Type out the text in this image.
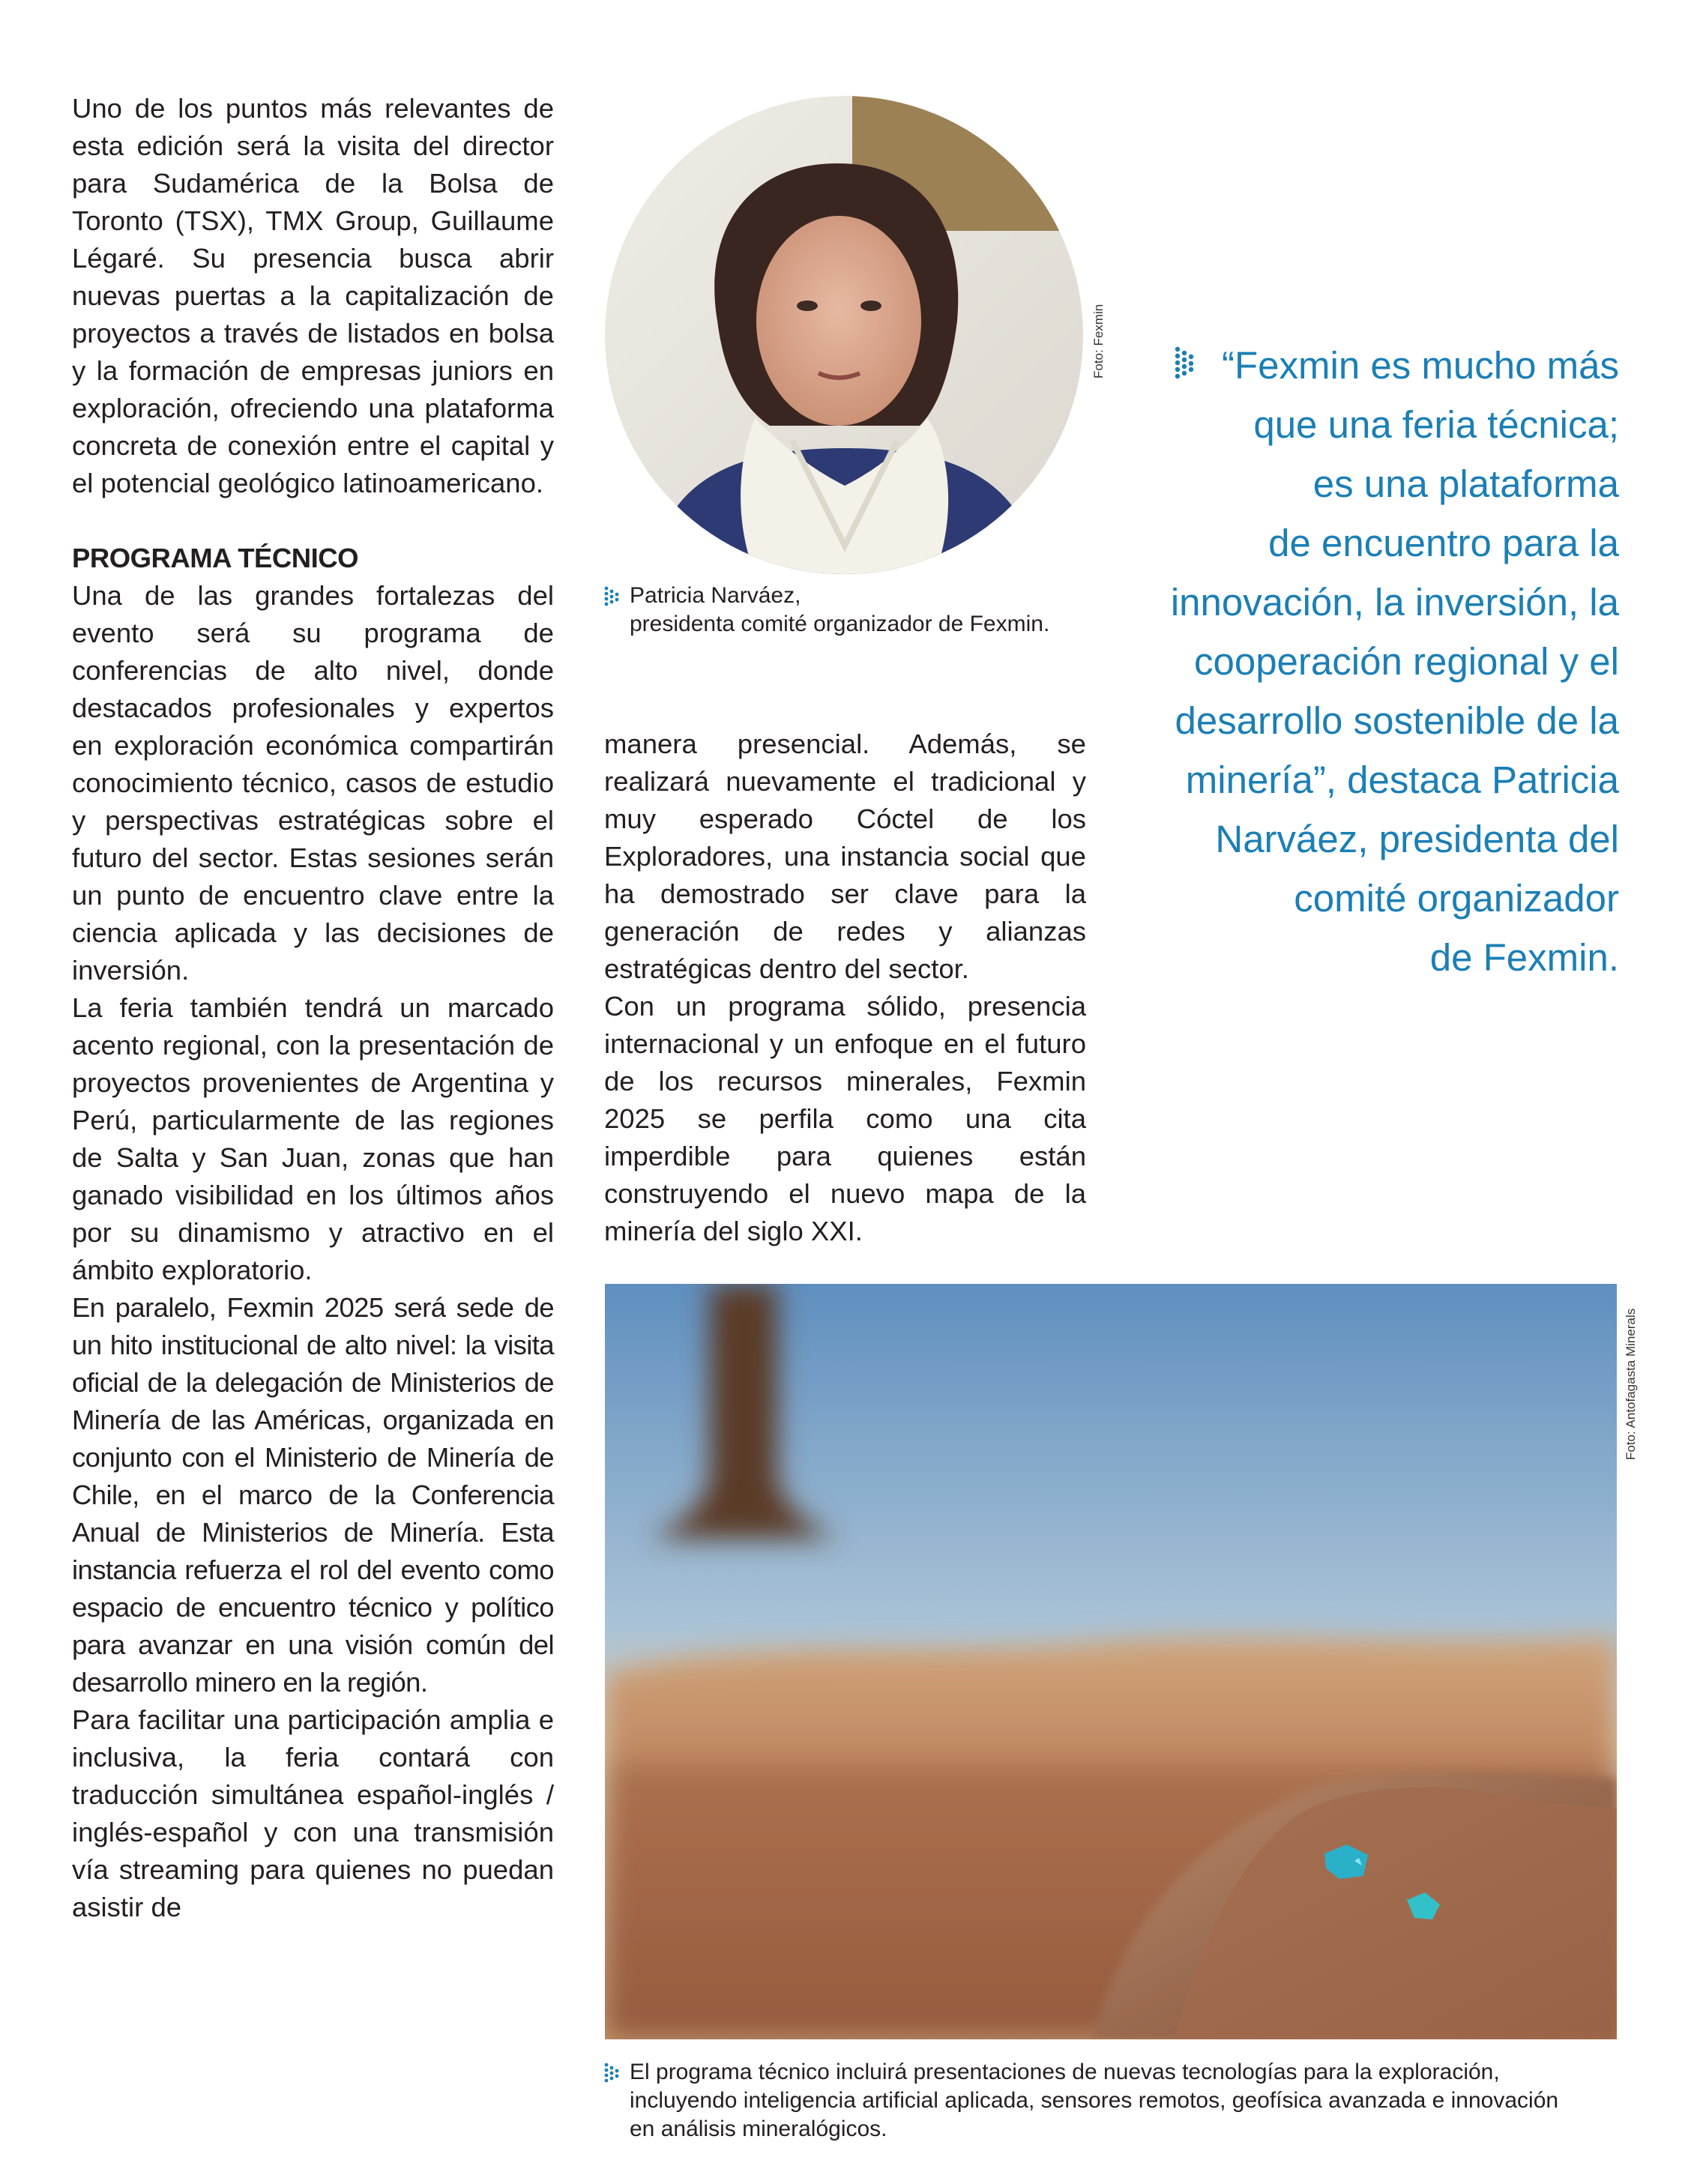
Uno de los puntos más relevantes de esta edición será la visita del director para Sudamérica de la Bolsa de Toronto (TSX), TMX Group, Guillaume Légaré. Su presencia busca abrir nuevas puertas a la capitalización de proyectos a través de listados en bolsa y la formación de empresas juniors en exploración, ofreciendo una plataforma concreta de conexión entre el capital y el potencial geológico latinoamericano.

PROGRAMA TÉCNICO

Una de las grandes fortalezas del evento será su programa de conferencias de alto nivel, donde destacados profesionales y expertos en exploración económica compartirán conocimiento técnico, casos de estudio y perspectivas estratégicas sobre el futuro del sector. Estas sesiones serán un punto de encuentro clave entre la ciencia aplicada y las decisiones de inversión.

La feria también tendrá un marcado acento regional, con la presentación de proyectos provenientes de Argentina y Perú, particularmente de las regiones de Salta y San Juan, zonas que han ganado visibilidad en los últimos años por su dinamismo y atractivo en el ámbito exploratorio.

En paralelo, Fexmin 2025 será sede de un hito institucional de alto nivel: la visita oficial de la delegación de Ministerios de Minería de las Américas, organizada en conjunto con el Ministerio de Minería de Chile, en el marco de la Conferencia Anual de Ministerios de Minería. Esta instancia refuerza el rol del evento como espacio de encuentro técnico y político para avanzar en una visión común del desarrollo minero en la región.

Para facilitar una participación amplia e inclusiva, la feria contará con traducción simultánea español-inglés / inglés-español y con una transmisión vía streaming para quienes no puedan asistir de

Foto: Fexmin
Patricia Narváez,
presidenta comité organizador de Fexmin.

manera presencial. Además, se realizará nuevamente el tradicional y muy esperado Cóctel de los Exploradores, una instancia social que ha demostrado ser clave para la generación de redes y alianzas estratégicas dentro del sector.

Con un programa sólido, presencia internacional y un enfoque en el futuro de los recursos minerales, Fexmin 2025 se perfila como una cita imperdible para quienes están construyendo el nuevo mapa de la minería del siglo XXI.

“Fexmin es mucho más
que una feria técnica;
es una plataforma
de encuentro para la
innovación, la inversión, la
cooperación regional y el
desarrollo sostenible de la
minería”, destaca Patricia
Narváez, presidenta del
comité organizador
de Fexmin.
Foto: Antofagasta Minerals
El programa técnico incluirá presentaciones de nuevas tecnologías para la exploración,
incluyendo inteligencia artificial aplicada, sensores remotos, geofísica avanzada e innovación
en análisis mineralógicos.
